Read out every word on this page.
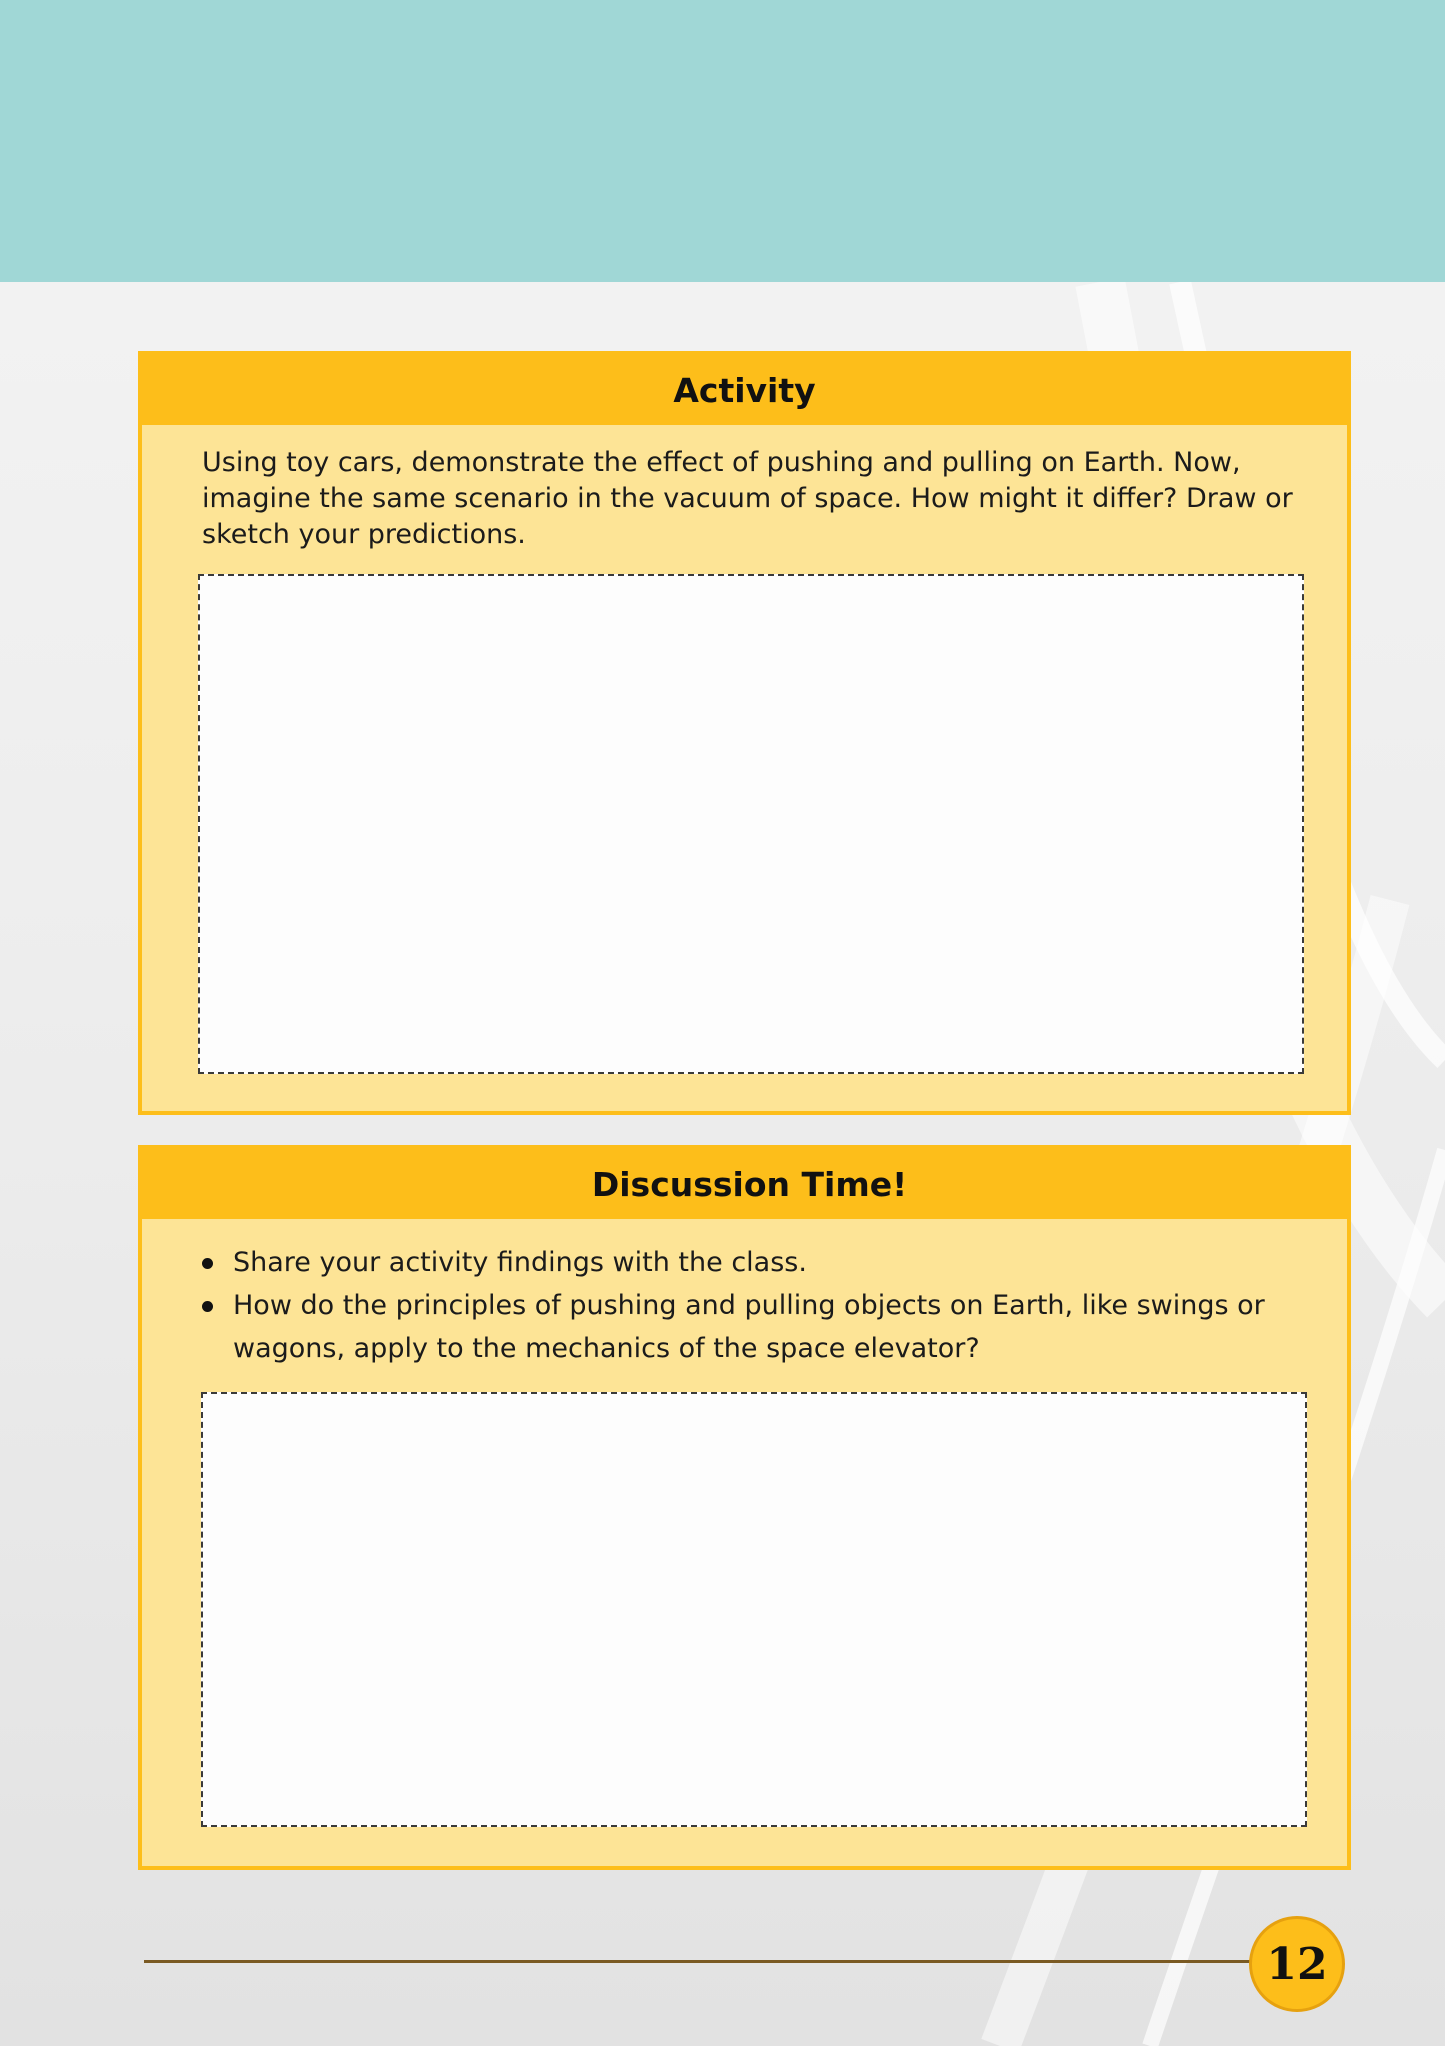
Activity

Using toy cars, demonstrate the effect of pushing and pulling on Earth. Now, imagine the same scenario in the vacuum of space. How might it differ? Draw or sketch your predictions.

Discussion Time!
Share your activity findings with the class.
How do the principles of pushing and pulling objects on Earth, like swings or wagons, apply to the mechanics of the space elevator?
12
